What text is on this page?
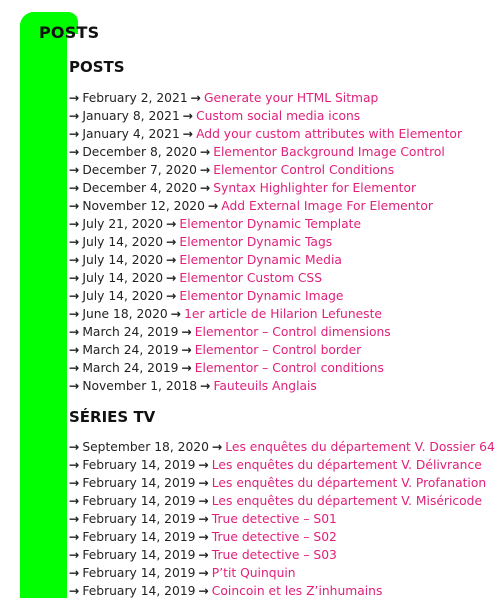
POSTS
POSTS
→ February 2, 2021 → Generate your HTML Sitmap
→ January 8, 2021 → Custom social media icons
→ January 4, 2021 → Add your custom attributes with Elementor
→ December 8, 2020 → Elementor Background Image Control
→ December 7, 2020 → Elementor Control Conditions
→ December 4, 2020 → Syntax Highlighter for Elementor
→ November 12, 2020 → Add External Image For Elementor
→ July 21, 2020 → Elementor Dynamic Template
→ July 14, 2020 → Elementor Dynamic Tags
→ July 14, 2020 → Elementor Dynamic Media
→ July 14, 2020 → Elementor Custom CSS
→ July 14, 2020 → Elementor Dynamic Image
→ June 18, 2020 → 1er article de Hilarion Lefuneste
→ March 24, 2019 → Elementor – Control dimensions
→ March 24, 2019 → Elementor – Control border
→ March 24, 2019 → Elementor – Control conditions
→ November 1, 2018 → Fauteuils Anglais
SÉRIES TV
→ September 18, 2020 → Les enquêtes du département V. Dossier 64
→ February 14, 2019 → Les enquêtes du département V. Délivrance
→ February 14, 2019 → Les enquêtes du département V. Profanation
→ February 14, 2019 → Les enquêtes du département V. Miséricode
→ February 14, 2019 → True detective – S01
→ February 14, 2019 → True detective – S02
→ February 14, 2019 → True detective – S03
→ February 14, 2019 → P’tit Quinquin
→ February 14, 2019 → Coincoin et les Z’inhumains
